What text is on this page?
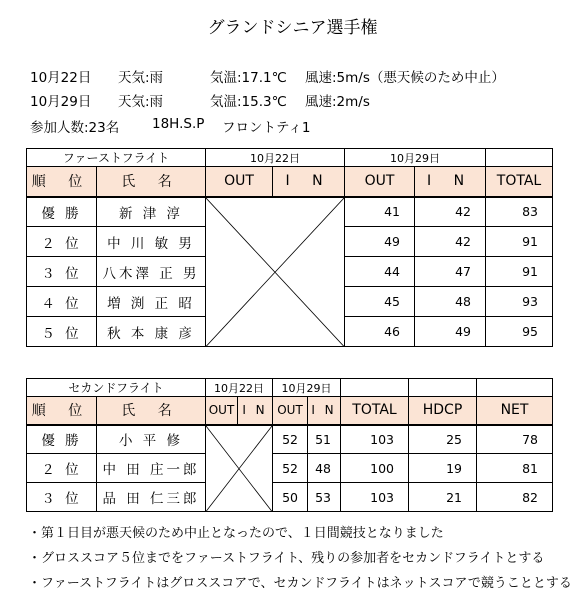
グランドシニア選手権
10月22日 天気:雨	気温:17.1℃ 風速:5m/s（悪天候のため中止）
10月29日 天気:雨	気温:15.3℃ 風速:2m/s
参加人数:23名 18H.S.P フロントティ1
ファーストフライト		10月22日		10月29日		
順 位	氏 名	OUT	I N	OUT	I N	TOTAL
優 勝	新 津 淳			41	42	83
２ 位	中 川 敏 男			49	42	91
３ 位	八木澤 正 男			44	47	91
４ 位	増 渕 正 昭			45	48	93
５ 位	秋 本 康 彦			46	49	95
セカンドフライト		10月22日		10月29日				
順 位	氏 名	OUT	I N	OUT	I N	TOTAL	HDCP	NET
優 勝	小 平 修			52	51	103	25	78
２ 位	中 田 庄一郎			52	48	100	19	81
３ 位	品 田 仁三郎			50	53	103	21	82
・第１日目が悪天候のため中止となったので、１日間競技となりました
・グロススコア５位までをファーストフライト、残りの参加者をセカンドフライトとする
・ファーストフライトはグロススコアで、セカンドフライトはネットスコアで競うこととする
